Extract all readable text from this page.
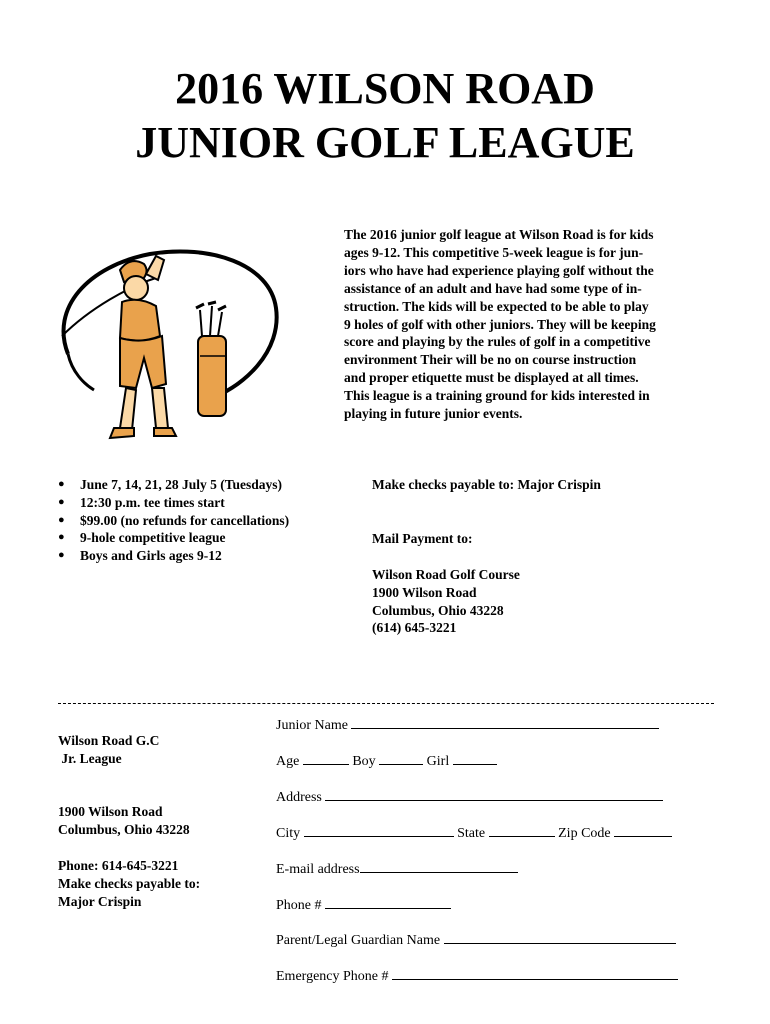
2016 WILSON ROAD
JUNIOR GOLF LEAGUE

The 2016 junior golf league at Wilson Road is for kids

ages 9-12. This competitive 5-week league is for jun-

iors who have had experience playing golf without the

assistance of an adult and have had some type of in-

struction. The kids will be expected to be able to play

9 holes of golf with other juniors. They will be keeping

score and playing by the rules of golf in a competitive

environment Their will be no on course instruction

and proper etiquette must be displayed at all times.

This league is a training ground for kids interested in

playing in future junior events.

● June 7, 14, 21, 28 July 5 (Tuesdays)
● 12:30 p.m. tee times start
● $99.00 (no refunds for cancellations)
● 9-hole competitive league
● Boys and Girls ages 9-12
Make checks payable to: Major Crispin
Mail Payment to:
Wilson Road Golf Course
1900 Wilson Road
Columbus, Ohio 43228
(614) 645-3221
Wilson Road G.C
Jr. League
1900 Wilson Road
Columbus, Ohio 43228
Phone: 614-645-3221
Make checks payable to:
Major Crispin
Junior Name
Age	Boy	Girl
Address
City	State	Zip Code
E-mail address
Phone #
Parent/Legal Guardian Name
Emergency Phone #
